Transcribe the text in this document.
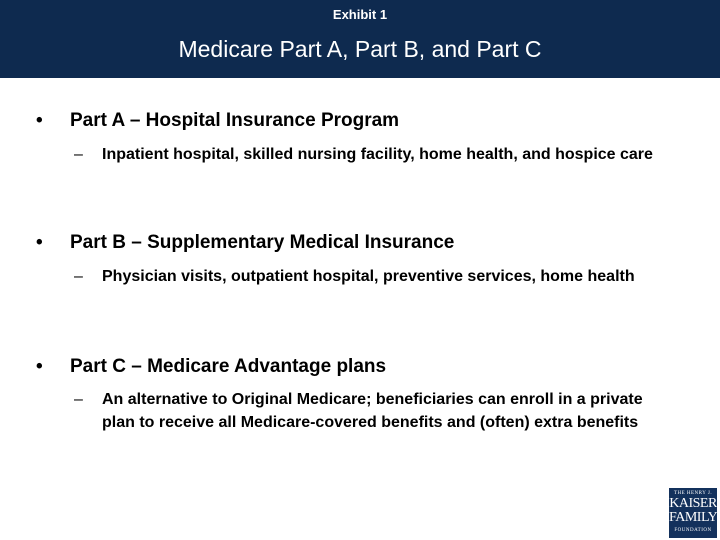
Exhibit 1
Medicare Part A, Part B, and Part C
• Part A – Hospital Insurance Program
– Inpatient hospital, skilled nursing facility, home health, and hospice care
• Part B – Supplementary Medical Insurance
– Physician visits, outpatient hospital, preventive services, home health
• Part C – Medicare Advantage plans
– An alternative to Original Medicare; beneficiaries can enroll in a private plan to receive all Medicare-covered benefits and (often) extra benefits
THE HENRY J.
KAISER
FAMILY
FOUNDATION
